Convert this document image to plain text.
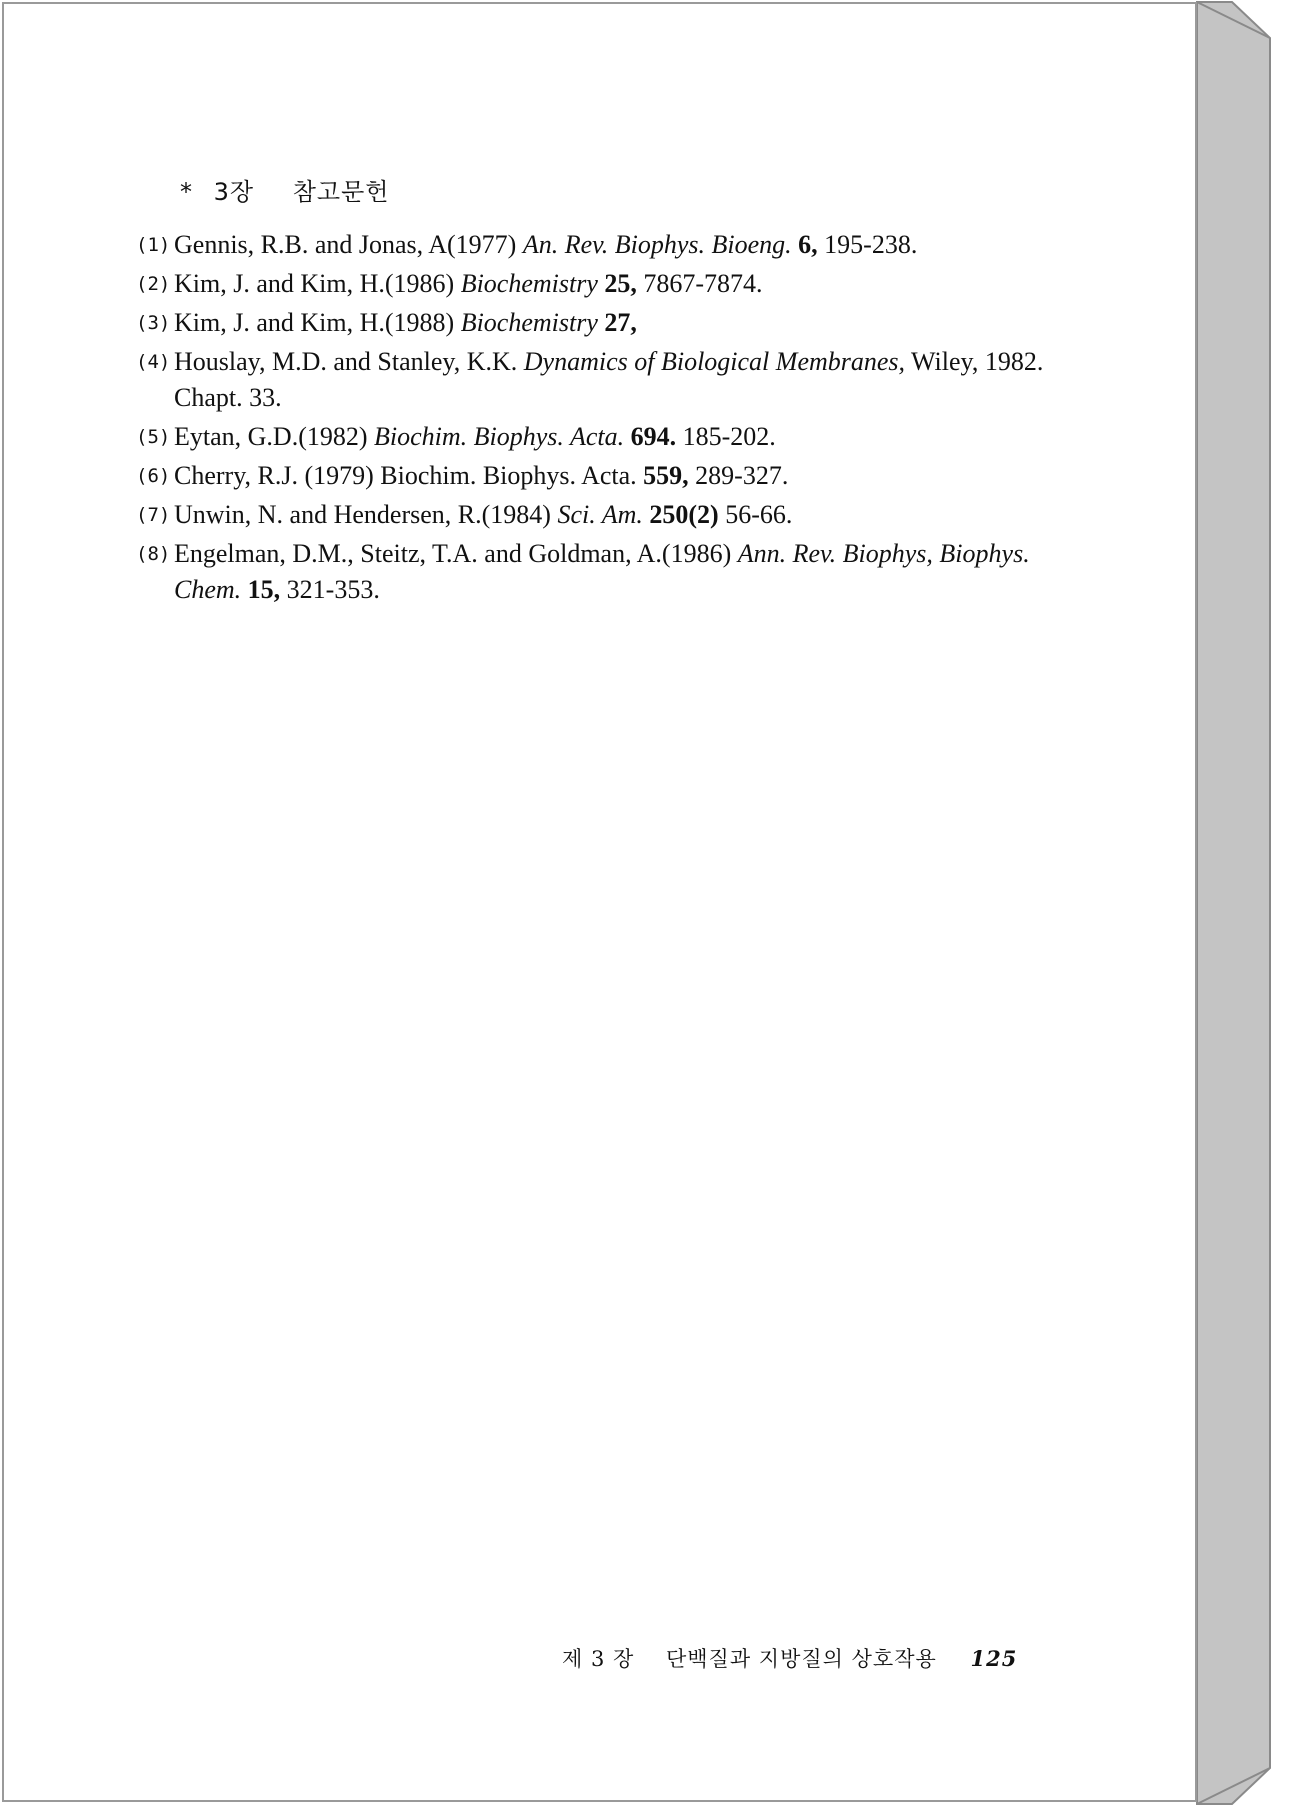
* 3장 참고문헌
(1) Gennis, R.B. and Jonas, A(1977) An. Rev. Biophys. Bioeng. 6, 195-238.
(2) Kim, J. and Kim, H.(1986) Biochemistry 25, 7867-7874.
(3) Kim, J. and Kim, H.(1988) Biochemistry 27,
(4) Houslay, M.D. and Stanley, K.K. Dynamics of Biological Membranes, Wiley, 1982. Chapt. 33.
(5) Eytan, G.D.(1982) Biochim. Biophys. Acta. 694. 185-202.
(6) Cherry, R.J. (1979) Biochim. Biophys. Acta. 559, 289-327.
(7) Unwin, N. and Hendersen, R.(1984) Sci. Am. 250(2) 56-66.
(8) Engelman, D.M., Steitz, T.A. and Goldman, A.(1986) Ann. Rev. Biophys, Biophys. Chem. 15, 321-353.
제 3 장 단백질과 지방질의 상호작용 125
